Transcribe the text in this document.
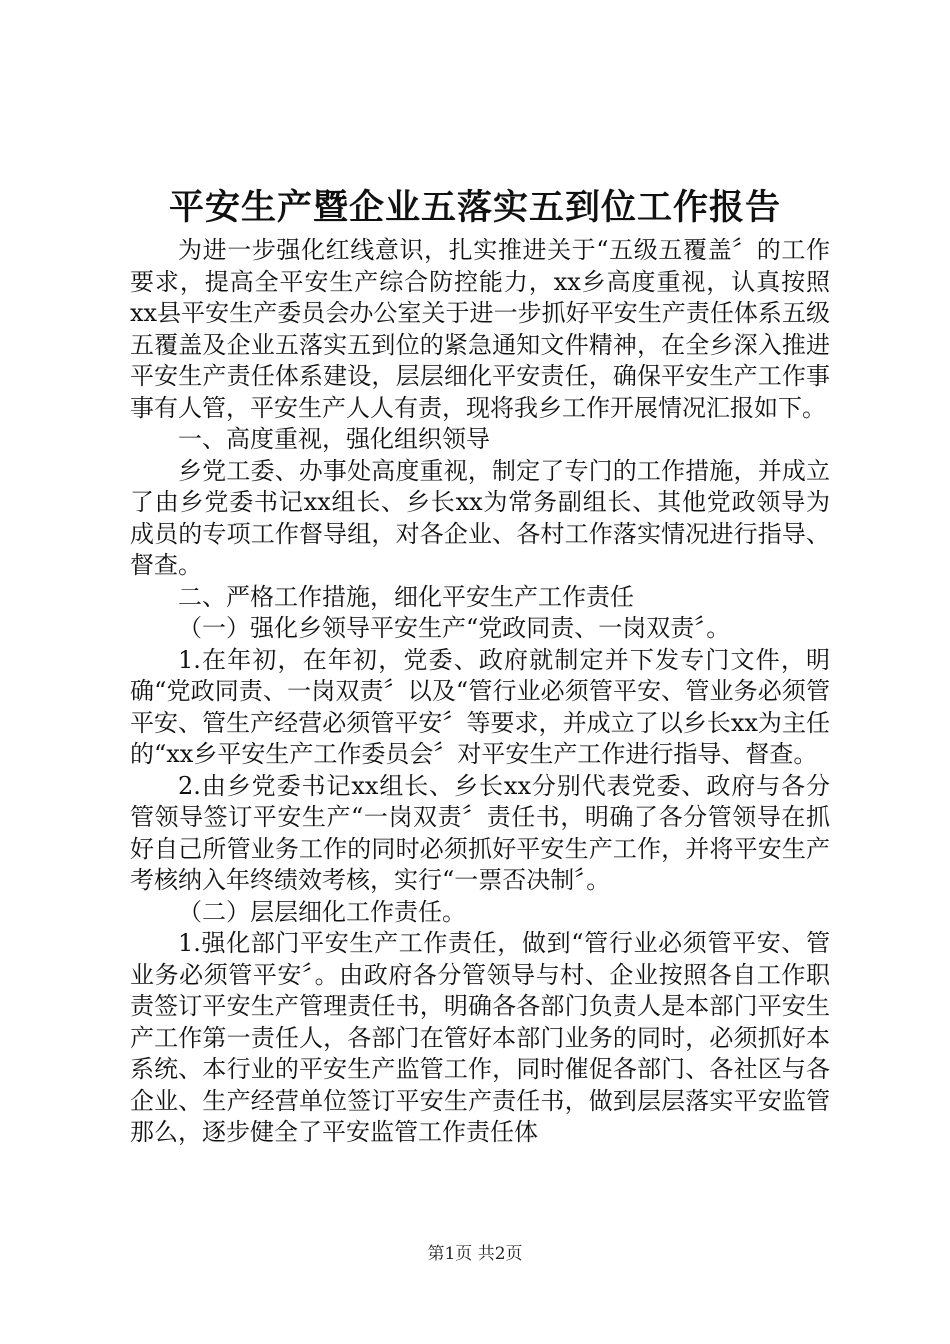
平安生产暨企业五落实五到位工作报告

为进一步强化红线意识，扎实推进关于“五级五覆盖〞的工作要求，提高全平安生产综合防控能力，xx乡高度重视，认真按照xx县平安生产委员会办公室关于进一步抓好平安生产责任体系五级五覆盖及企业五落实五到位的紧急通知文件精神，在全乡深入推进平安生产责任体系建设，层层细化平安责任，确保平安生产工作事事有人管，平安生产人人有责，现将我乡工作开展情况汇报如下。

一、高度重视，强化组织领导

乡党工委、办事处高度重视，制定了专门的工作措施，并成立了由乡党委书记xx组长、乡长xx为常务副组长、其他党政领导为成员的专项工作督导组，对各企业、各村工作落实情况进行指导、督查。

二、严格工作措施，细化平安生产工作责任

（一）强化乡领导平安生产“党政同责、一岗双责〞。

1.在年初，在年初，党委、政府就制定并下发专门文件，明确“党政同责、一岗双责〞以及“管行业必须管平安、管业务必须管平安、管生产经营必须管平安〞等要求，并成立了以乡长xx为主任的“xx乡平安生产工作委员会〞对平安生产工作进行指导、督查。

2.由乡党委书记xx组长、乡长xx分别代表党委、政府与各分管领导签订平安生产“一岗双责〞责任书，明确了各分管领导在抓好自己所管业务工作的同时必须抓好平安生产工作，并将平安生产考核纳入年终绩效考核，实行“一票否决制〞。

（二）层层细化工作责任。

1.强化部门平安生产工作责任，做到“管行业必须管平安、管业务必须管平安〞。由政府各分管领导与村、企业按照各自工作职责签订平安生产管理责任书，明确各各部门负责人是本部门平安生产工作第一责任人，各部门在管好本部门业务的同时，必须抓好本系统、本行业的平安生产监管工作，同时催促各部门、各社区与各企业、生产经营单位签订平安生产责任书，做到层层落实平安监管那么，逐步健全了平安监管工作责任体

第1页 共2页
